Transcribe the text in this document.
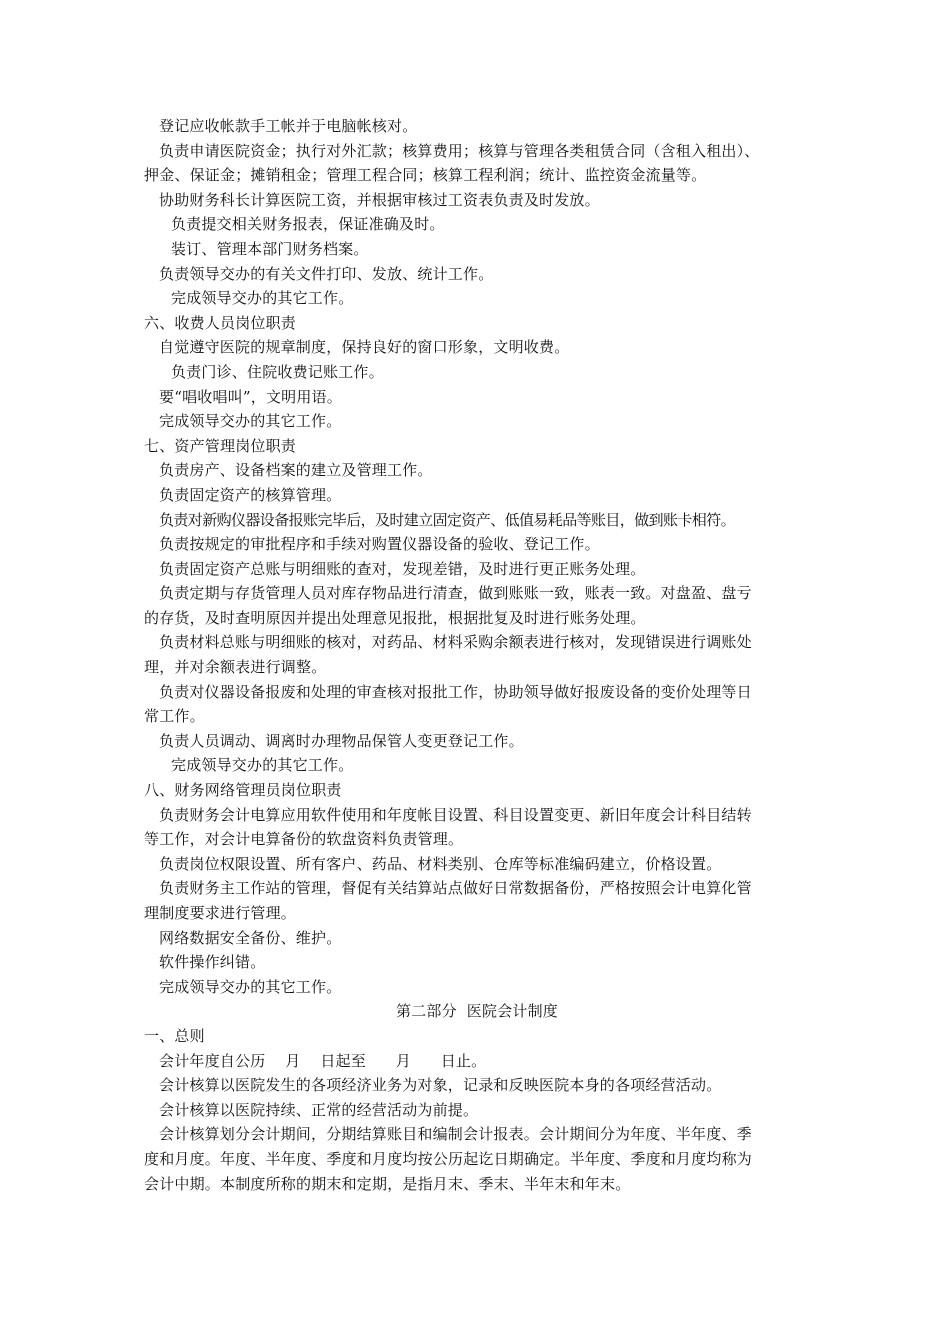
登记应收帐款手工帐并于电脑帐核对。
负责申请医院资金；执行对外汇款；核算费用；核算与管理各类租赁合同（含租入租出）、
押金、保证金；摊销租金；管理工程合同；核算工程利润；统计、监控资金流量等。
协助财务科长计算医院工资，并根据审核过工资表负责及时发放。
负责提交相关财务报表，保证准确及时。
装订、管理本部门财务档案。
负责领导交办的有关文件打印、发放、统计工作。
完成领导交办的其它工作。
六、收费人员岗位职责
自觉遵守医院的规章制度，保持良好的窗口形象，文明收费。
负责门诊、住院收费记账工作。
要“唱收唱叫”，文明用语。
完成领导交办的其它工作。
七、资产管理岗位职责
负责房产、设备档案的建立及管理工作。
负责固定资产的核算管理。
负责对新购仪器设备报账完毕后，及时建立固定资产、低值易耗品等账目，做到账卡相符。
负责按规定的审批程序和手续对购置仪器设备的验收、登记工作。
负责固定资产总账与明细账的查对，发现差错，及时进行更正账务处理。
负责定期与存货管理人员对库存物品进行清查，做到账账一致，账表一致。对盘盈、盘亏
的存货，及时查明原因并提出处理意见报批，根据批复及时进行账务处理。
负责材料总账与明细账的核对，对药品、材料采购余额表进行核对，发现错误进行调账处
理，并对余额表进行调整。
负责对仪器设备报废和处理的审查核对报批工作，协助领导做好报废设备的变价处理等日
常工作。
负责人员调动、调离时办理物品保管人变更登记工作。
完成领导交办的其它工作。
八、财务网络管理员岗位职责
负责财务会计电算应用软件使用和年度帐目设置、科目设置变更、新旧年度会计科目结转
等工作，对会计电算备份的软盘资料负责管理。
负责岗位权限设置、所有客户、药品、材料类别、仓库等标准编码建立，价格设置。
负责财务主工作站的管理，督促有关结算站点做好日常数据备份，严格按照会计电算化管
理制度要求进行管理。
网络数据安全备份、维护。
软件操作纠错。
完成领导交办的其它工作。
第二部分  医院会计制度
一、总则
会计年度自公历    月    日起至      月      日止。
会计核算以医院发生的各项经济业务为对象，记录和反映医院本身的各项经营活动。
会计核算以医院持续、正常的经营活动为前提。
会计核算划分会计期间，分期结算账目和编制会计报表。会计期间分为年度、半年度、季
度和月度。年度、半年度、季度和月度均按公历起讫日期确定。半年度、季度和月度均称为
会计中期。本制度所称的期末和定期，是指月末、季末、半年末和年末。
